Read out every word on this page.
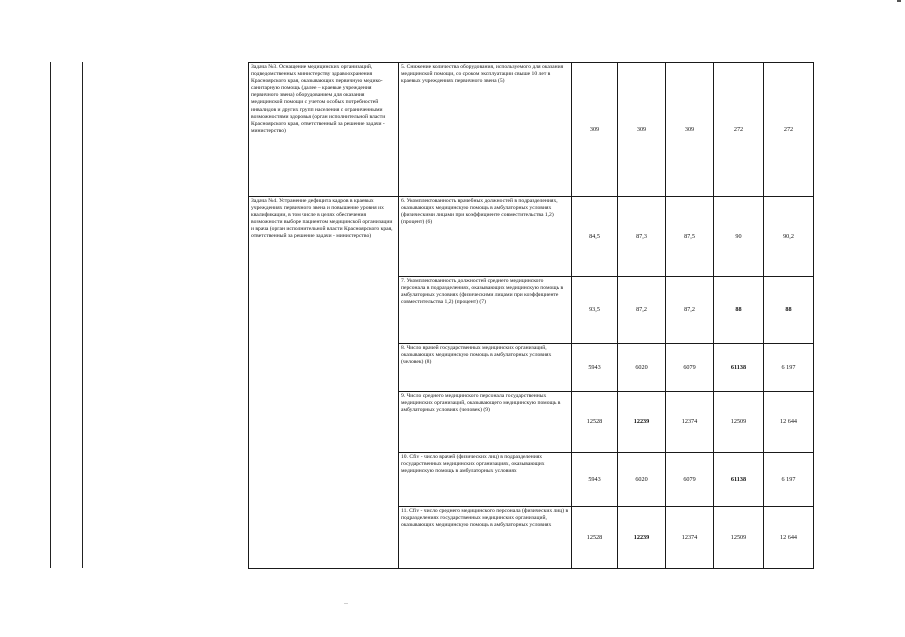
Задача №3. Оснащение медицинских организаций, подведомственных министерству здравоохранения Красноярского края, оказывающих первичную медико-санитарную помощь (далее – краевые учреждения первичного звена) оборудованием для оказания медицинской помощи с учетом особых потребностей инвалидов и других групп населения с ограниченными возможностями здоровья (орган исполнительной власти Красноярского края, ответственный за решение задачи - министерство)	5. Снижение количества оборудования, используемого для оказания медицинской помощи, со сроком эксплуатации свыше 10 лет в краевых учреждениях первичного звена (5)	309	309	309	272	272
Задача №4. Устранение дефицита кадров в краевых учреждениях первичного звена и повышение уровня их квалификации, в том числе в целях обеспечения возможности выборе пациентом медицинской организации и врача (орган исполнительной власти Красноярского края, ответственный за решение задачи - министерство)	6. Укомплектованность врачебных должностей в подразделениях, оказывающих медицинскую помощь в амбулаторных условиях (физическими лицами при коэффициенте совместительства 1,2) (процент) (6)	84,5	87,3	87,5	90	90,2
	7. Укомплектованность должностей среднего медицинского персонала в подразделениях, оказывающих медицинскую помощь в амбулаторных условиях (физическими лицами при коэффициенте совместительства 1,2) (процент) (7)	93,5	87,2	87,2	88	88
	8. Число врачей государственных медицинских организаций, оказывающих медицинскую помощь в амбулаторных условиях (человек) (8)	5943	6020	6079	61138	6 197
	9. Число среднего медицинского персонала государственных медицинских организаций, оказывающего медицинскую помощь в амбулаторных условиях (человек) (9)	12528	12239	12374	12509	12 644
	10. Cfiv - число врачей (физических лиц) в подразделениях государственных медицинских организациях, оказывающих медицинскую помощь в амбулаторных условиях	5943	6020	6079	61138	6 197
	11. Cfiv - число среднего медицинского персонала (физических лиц) в подразделениях государственных медицинских организаций, оказывающих медицинскую помощь в амбулаторных условиях	12528	12239	12374	12509	12 644
